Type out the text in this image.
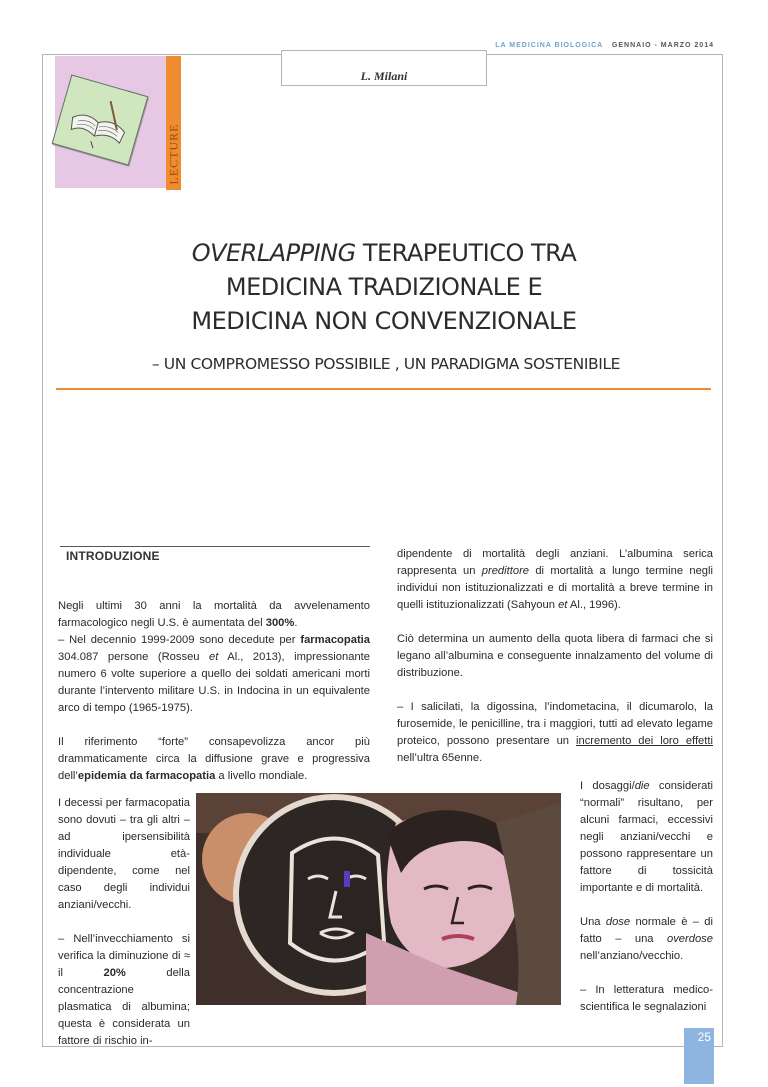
LA MEDICINA BIOLOGICA GENNAIO - MARZO 2014
LECTURE
L. Milani
OVERLAPPING TERAPEUTICO TRA
MEDICINA TRADIZIONALE E
MEDICINA NON CONVENZIONALE
– UN COMPROMESSO POSSIBILE , UN PARADIGMA SOSTENIBILE
INTRODUZIONE

Negli ultimi 30 anni la mortalità da avvelenamento farmacologico negli U.S. è aumentata del 300%.
– Nel decennio 1999-2009 sono decedute per farmacopatia 304.087 persone (Rosseu et Al., 2013), impressionante numero 6 volte superiore a quello dei soldati americani morti durante l’intervento militare U.S. in Indocina in un equivalente arco di tempo (1965-1975).

Il riferimento “forte” consapevolizza ancor più drammaticamente circa la diffusione grave e progressiva dell’epidemia da farmacopatia a livello mondiale.

I decessi per farmacopatia sono dovuti – tra gli altri – ad ipersensibilità individuale età-dipendente, come nel caso degli individui anziani/vecchi.

– Nell’invecchiamento si verifica la diminuzione di ≈ il 20% della concentrazione plasmatica di albumina; questa è considerata un fattore di rischio in-

dipendente di mortalità degli anziani. L’albumina serica rappresenta un predittore di mortalità a lungo termine negli individui non istituzionalizzati e di mortalità a breve termine in quelli istituzionalizzati (Sahyoun et Al., 1996).

Ciò determina un aumento della quota libera di farmaci che si legano all’albumina e conseguente innalzamento del volume di distribuzione.

– I salicilati, la digossina, l’indometacina, il dicumarolo, la furosemide, le penicilline, tra i maggiori, tutti ad elevato legame proteico, possono presentare un incremento dei loro effetti nell’ultra 65enne.

I dosaggi/die considerati “normali” risultano, per alcuni farmaci, eccessivi negli anziani/vecchi e possono rappresentare un fattore di tossicità importante e di mortalità.

Una dose normale è – di fatto – una overdose nell’anziano/vecchio.

– In letteratura medico-scientifica le segnalazioni

25
